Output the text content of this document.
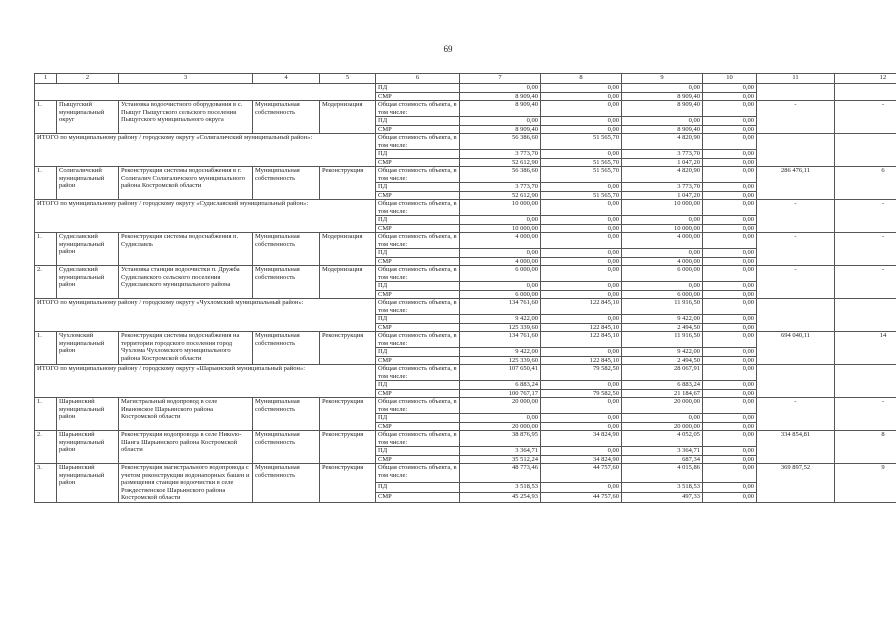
69
1	2	3	4	5	6	7	8	9	10	11	12
					ПД	0,00	0,00	0,00	0,00		
					СМР	8 909,40	0,00	8 909,40	0,00		
1.	Пыщугский муниципальный округ	Установка водоочистного оборудования в с. Пыщуг Пыщугского сельского поселения Пыщугского муниципального округа	Муниципальная собственность	Модернизация	Общая стоимость объекта, в том числе:	8 909,40	0,00	8 909,40	0,00	-	-
					ПД	0,00	0,00	0,00	0,00		
					СМР	8 909,40	0,00	8 909,40	0,00		
ИТОГО по муниципальному району / городскому округу «Солигаличский муниципальный район»:					Общая стоимость объекта, в том числе:	56 386,60	51 565,70	4 820,90	0,00		
					ПД	3 773,70	0,00	3 773,70	0,00		
					СМР	52 612,90	51 565,70	1 047,20	0,00		
1.	Солигаличский муниципальный район	Реконструкция системы водоснабжения в г. Солигалич Солигаличского муниципального района Костромской области	Муниципальная собственность	Реконструкция	Общая стоимость объекта, в том числе:	56 386,60	51 565,70	4 820,90	0,00	286 476,11	6
					ПД	3 773,70	0,00	3 773,70	0,00		
					СМР	52 612,90	51 565,70	1 047,20	0,00		
ИТОГО по муниципальному району / городскому округу «Судиславский муниципальный район»:					Общая стоимость объекта, в том числе:	10 000,00	0,00	10 000,00	0,00	-	-
					ПД	0,00	0,00	0,00	0,00		
					СМР	10 000,00	0,00	10 000,00	0,00		
1.	Судиславский муниципальный район	Реконструкция системы водоснабжения п. Судиславль	Муниципальная собственность	Модернизация	Общая стоимость объекта, в том числе:	4 000,00	0,00	4 000,00	0,00	-	-
					ПД	0,00	0,00	0,00	0,00		
					СМР	4 000,00	0,00	4 000,00	0,00		
2.	Судиславский муниципальный район	Установка станции водоочистки п. Дружба Судиславского сельского поселения Судиславского муниципального района	Муниципальная собственность	Модернизация	Общая стоимость объекта, в том числе:	6 000,00	0,00	6 000,00	0,00	-	-
					ПД	0,00	0,00	0,00	0,00		
					СМР	6 000,00	0,00	6 000,00	0,00		
ИТОГО по муниципальному району / городскому округу «Чухломский муниципальный район»:					Общая стоимость объекта, в том числе:	134 761,60	122 845,10	11 916,50	0,00		
					ПД	9 422,00	0,00	9 422,00	0,00		
					СМР	125 339,60	122 845,10	2 494,50	0,00		
1.	Чухломский муниципальный район	Реконструкция системы водоснабжения на территории городского поселения город Чухлома Чухломского муниципального района Костромской области	Муниципальная собственность	Реконструкция	Общая стоимость объекта, в том числе:	134 761,60	122 845,10	11 916,50	0,00	694 040,11	14
					ПД	9 422,00	0,00	9 422,00	0,00		
					СМР	125 339,60	122 845,10	2 494,50	0,00		
ИТОГО по муниципальному району / городскому округу «Шарьинский муниципальный район»:					Общая стоимость объекта, в том числе:	107 650,41	79 582,50	28 067,91	0,00		
					ПД	6 883,24	0,00	6 883,24	0,00		
					СМР	100 767,17	79 582,50	21 184,67	0,00		
1.	Шарьинский муниципальный район	Магистральный водопровод в селе Ивановское Шарьинского района Костромской области	Муниципальная собственность	Реконструкция	Общая стоимость объекта, в том числе:	20 000,00	0,00	20 000,00	0,00	-	-
					ПД	0,00	0,00	0,00	0,00		
					СМР	20 000,00	0,00	20 000,00	0,00		
2.	Шарьинский муниципальный район	Реконструкция водопровода в селе Николо-Шанга Шарьинского района Костромской области	Муниципальная собственность	Реконструкция	Общая стоимость объекта, в том числе:	38 876,95	34 824,90	4 052,05	0,00	334 854,81	8
					ПД	3 364,71	0,00	3 364,71	0,00		
					СМР	35 512,24	34 824,90	687,34	0,00		
3.	Шарьинский муниципальный район	Реконструкция магистрального водопровода с учетом реконструкции водонапорных башен и размещения станции водоочистки в селе Рождественское Шарьинского района Костромской области	Муниципальная собственность	Реконструкция	Общая стоимость объекта, в том числе:	48 773,46	44 757,60	4 015,86	0,00	369 897,52	9
					ПД	3 518,53	0,00	3 518,53	0,00		
					СМР	45 254,93	44 757,60	497,33	0,00		
